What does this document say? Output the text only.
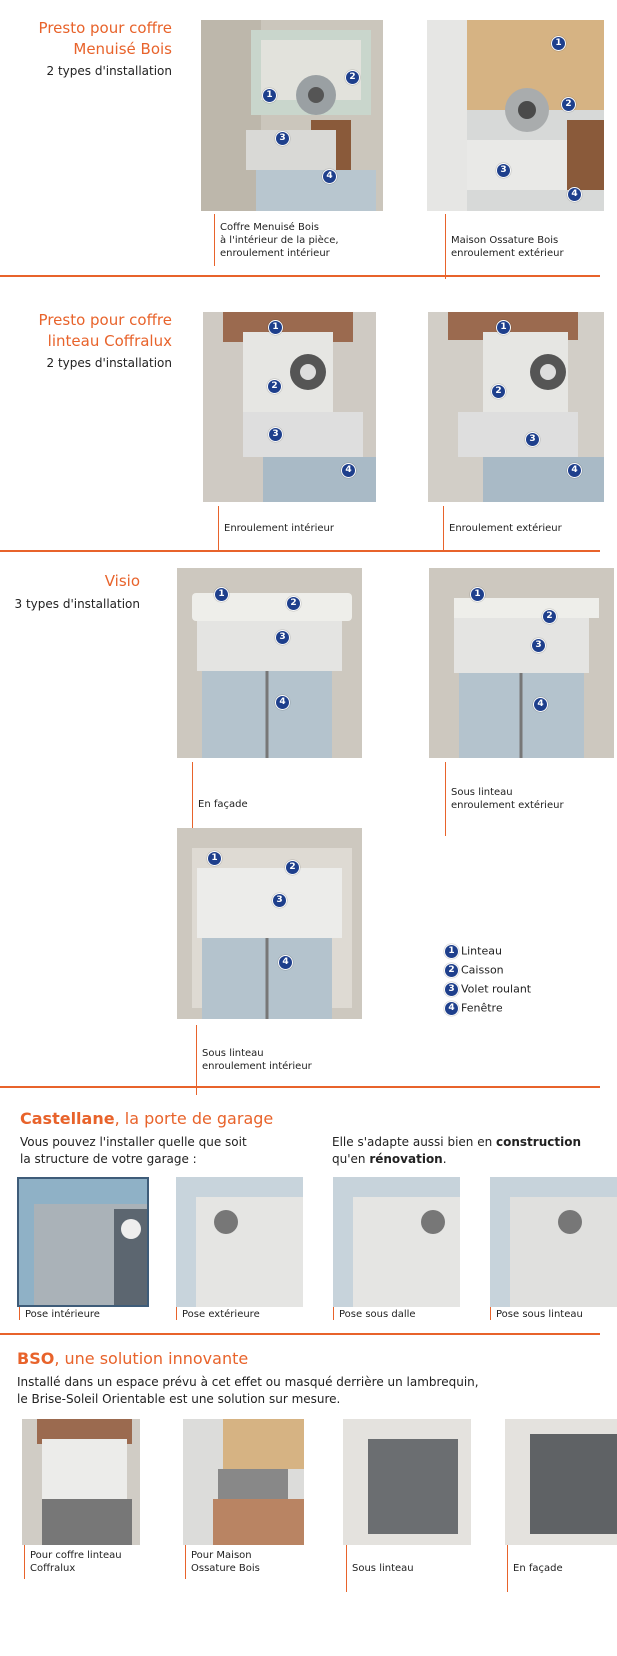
Presto pour coffre
Menuisé Bois
2 types d'installation
1
2
3
4
1
2
3
4
Coffre Menuisé Bois
à l'intérieur de la pièce,
enroulement intérieur
Maison Ossature Bois
enroulement extérieur
Presto pour coffre
linteau Coffralux
2 types d'installation
1
2
3
4
1
2
3
4
Enroulement intérieur	Enroulement extérieur
Visio
3 types d'installation
1
2
3
4
1
2
3
4
En façade
Sous linteau
enroulement extérieur
1
2
3
4
Sous linteau
enroulement intérieur
1 Linteau
2 Caisson
3 Volet roulant
4 Fenêtre
Castellane, la porte de garage
Vous pouvez l'installer quelle que soit
la structure de votre garage :
Elle s'adapte aussi bien en construction
qu'en rénovation.
Pose intérieure	Pose extérieure	Pose sous dalle	Pose sous linteau
BSO, une solution innovante
Installé dans un espace prévu à cet effet ou masqué derrière un lambrequin,
le Brise-Soleil Orientable est une solution sur mesure.
Pour coffre linteau
Coffralux
Pour Maison
Ossature Bois	Sous linteau	En façade
